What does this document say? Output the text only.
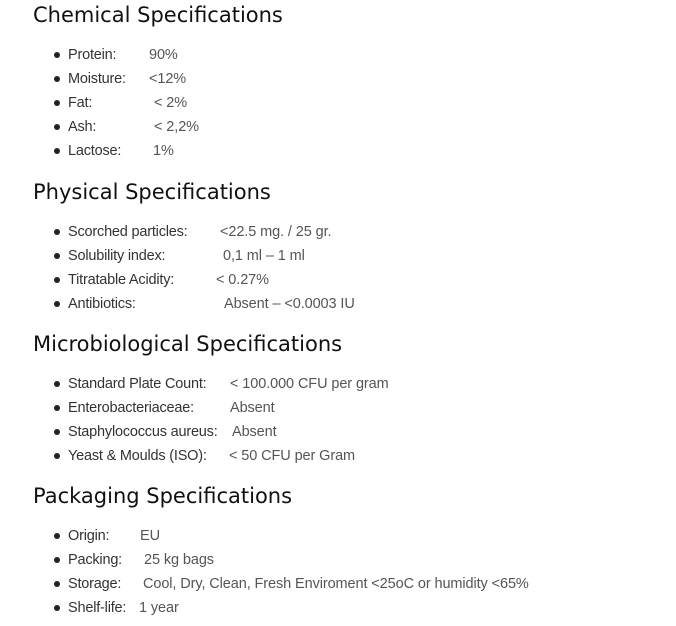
Chemical Specifications
Protein: 90%
Moisture: <12%
Fat:	< 2%
Ash:	< 2,2%
Lactose: 1%
Physical Specifications
Scorched particles: <22.5 mg. / 25 gr.
Solubility index:	0,1 ml – 1 ml
Titratable Acidity:	< 0.27%
Antibiotics:	Absent – <0.0003 IU
Microbiological Specifications
Standard Plate Count: < 100.000 CFU per gram
Enterobacteriaceae: Absent
Staphylococcus aureus: Absent
Yeast & Moulds (ISO): < 50 CFU per Gram
Packaging Specifications
Origin: EU
Packing: 25 kg bags
Storage: Cool, Dry, Clean, Fresh Enviroment <25oC or humidity <65%
Shelf-life: 1 year
